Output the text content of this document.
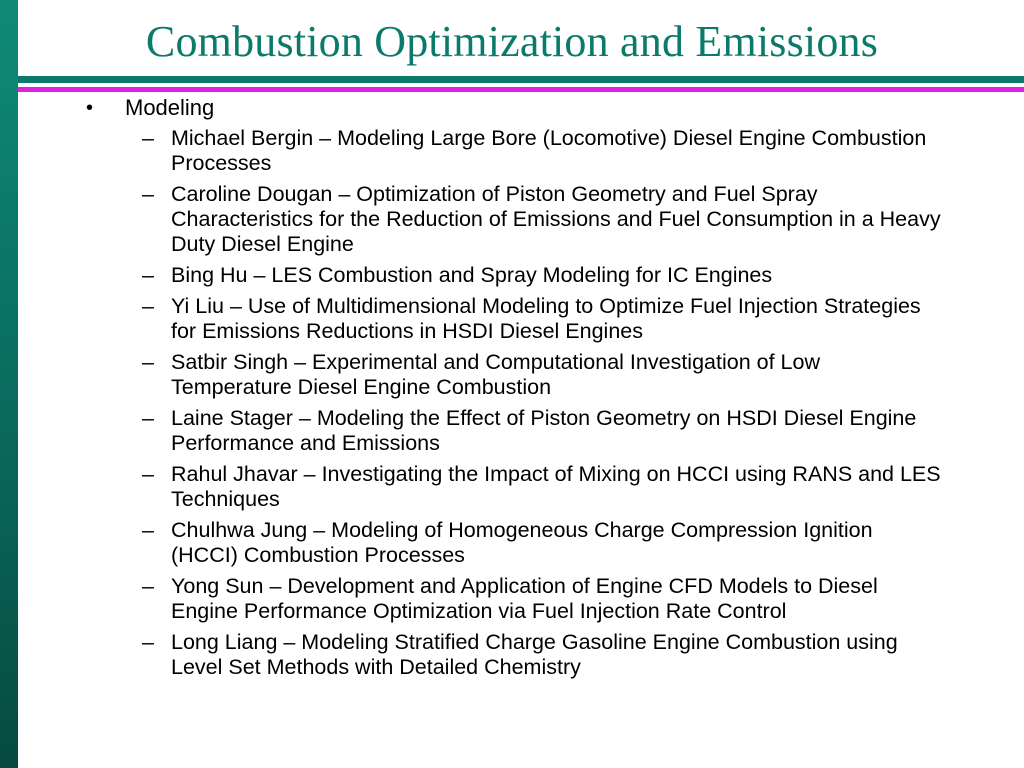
Combustion Optimization and Emissions
• Modeling
– Michael Bergin – Modeling Large Bore (Locomotive) Diesel Engine Combustion Processes
– Caroline Dougan – Optimization of Piston Geometry and Fuel Spray Characteristics for the Reduction of Emissions and Fuel Consumption in a Heavy Duty Diesel Engine
– Bing Hu – LES Combustion and Spray Modeling for IC Engines
– Yi Liu – Use of Multidimensional Modeling to Optimize Fuel Injection Strategies for Emissions Reductions in HSDI Diesel Engines
– Satbir Singh – Experimental and Computational Investigation of Low Temperature Diesel Engine Combustion
– Laine Stager – Modeling the Effect of Piston Geometry on HSDI Diesel Engine Performance and Emissions
– Rahul Jhavar – Investigating the Impact of Mixing on HCCI using RANS and LES Techniques
– Chulhwa Jung – Modeling of Homogeneous Charge Compression Ignition (HCCI) Combustion Processes
– Yong Sun – Development and Application of Engine CFD Models to Diesel Engine Performance Optimization via Fuel Injection Rate Control
– Long Liang – Modeling Stratified Charge Gasoline Engine Combustion using Level Set Methods with Detailed Chemistry
